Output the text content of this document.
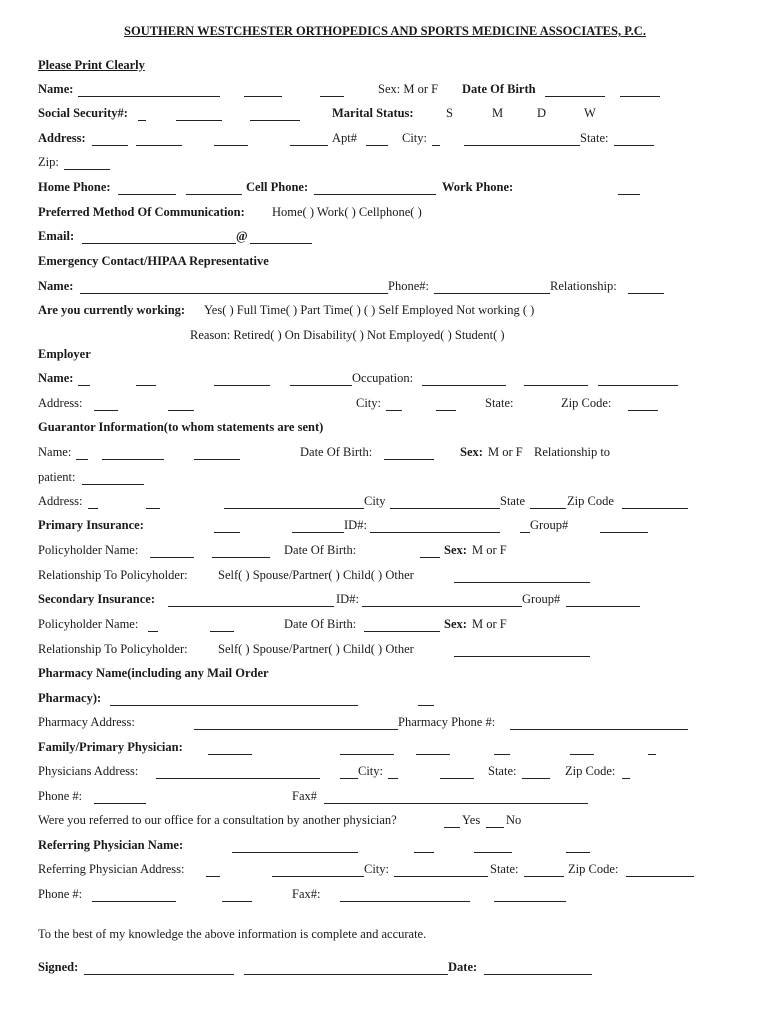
SOUTHERN WESTCHESTER ORTHOPEDICS AND SPORTS MEDICINE ASSOCIATES, P.C.
Please Print Clearly
Name:	Sex: M or F Date Of Birth
Social Security#:	Marital Status:	S	M	D	W
Address:	Apt#	City:	State:
Zip:
Home Phone:	Cell Phone:	Work Phone:
Preferred Method Of Communication: Home( ) Work( ) Cellphone( )
Email:	@
Emergency Contact/HIPAA Representative
Name:	Phone#:	Relationship:
Are you currently working: Yes( ) Full Time( ) Part Time( ) ( ) Self Employed Not working ( )
Reason: Retired( ) On Disability( ) Not Employed( ) Student( )
Employer
Name:	Occupation:
Address:	City:	State:	Zip Code:
Guarantor Information(to whom statements are sent)
Name:	Date Of Birth:	Sex: M or F Relationship to
patient:
Address:	City	State	Zip Code
Primary Insurance:	ID#:	Group#
Policyholder Name:	Date Of Birth:	Sex: M or F
Relationship To Policyholder: Self( ) Spouse/Partner( ) Child( ) Other
Secondary Insurance:	ID#:	Group#
Policyholder Name:	Date Of Birth:	Sex: M or F
Relationship To Policyholder: Self( ) Spouse/Partner( ) Child( ) Other
Pharmacy Name(including any Mail Order
Pharmacy):
Pharmacy Address:	Pharmacy Phone #:
Family/Primary Physician:
Physicians Address:	City:	State:	Zip Code:
Phone #:	Fax#
Were you referred to our office for a consultation by another physician?	Yes No
Referring Physician Name:
Referring Physician Address:	City:	State:	Zip Code:
Phone #:	Fax#:
To the best of my knowledge the above information is complete and accurate.
Signed:	Date:
